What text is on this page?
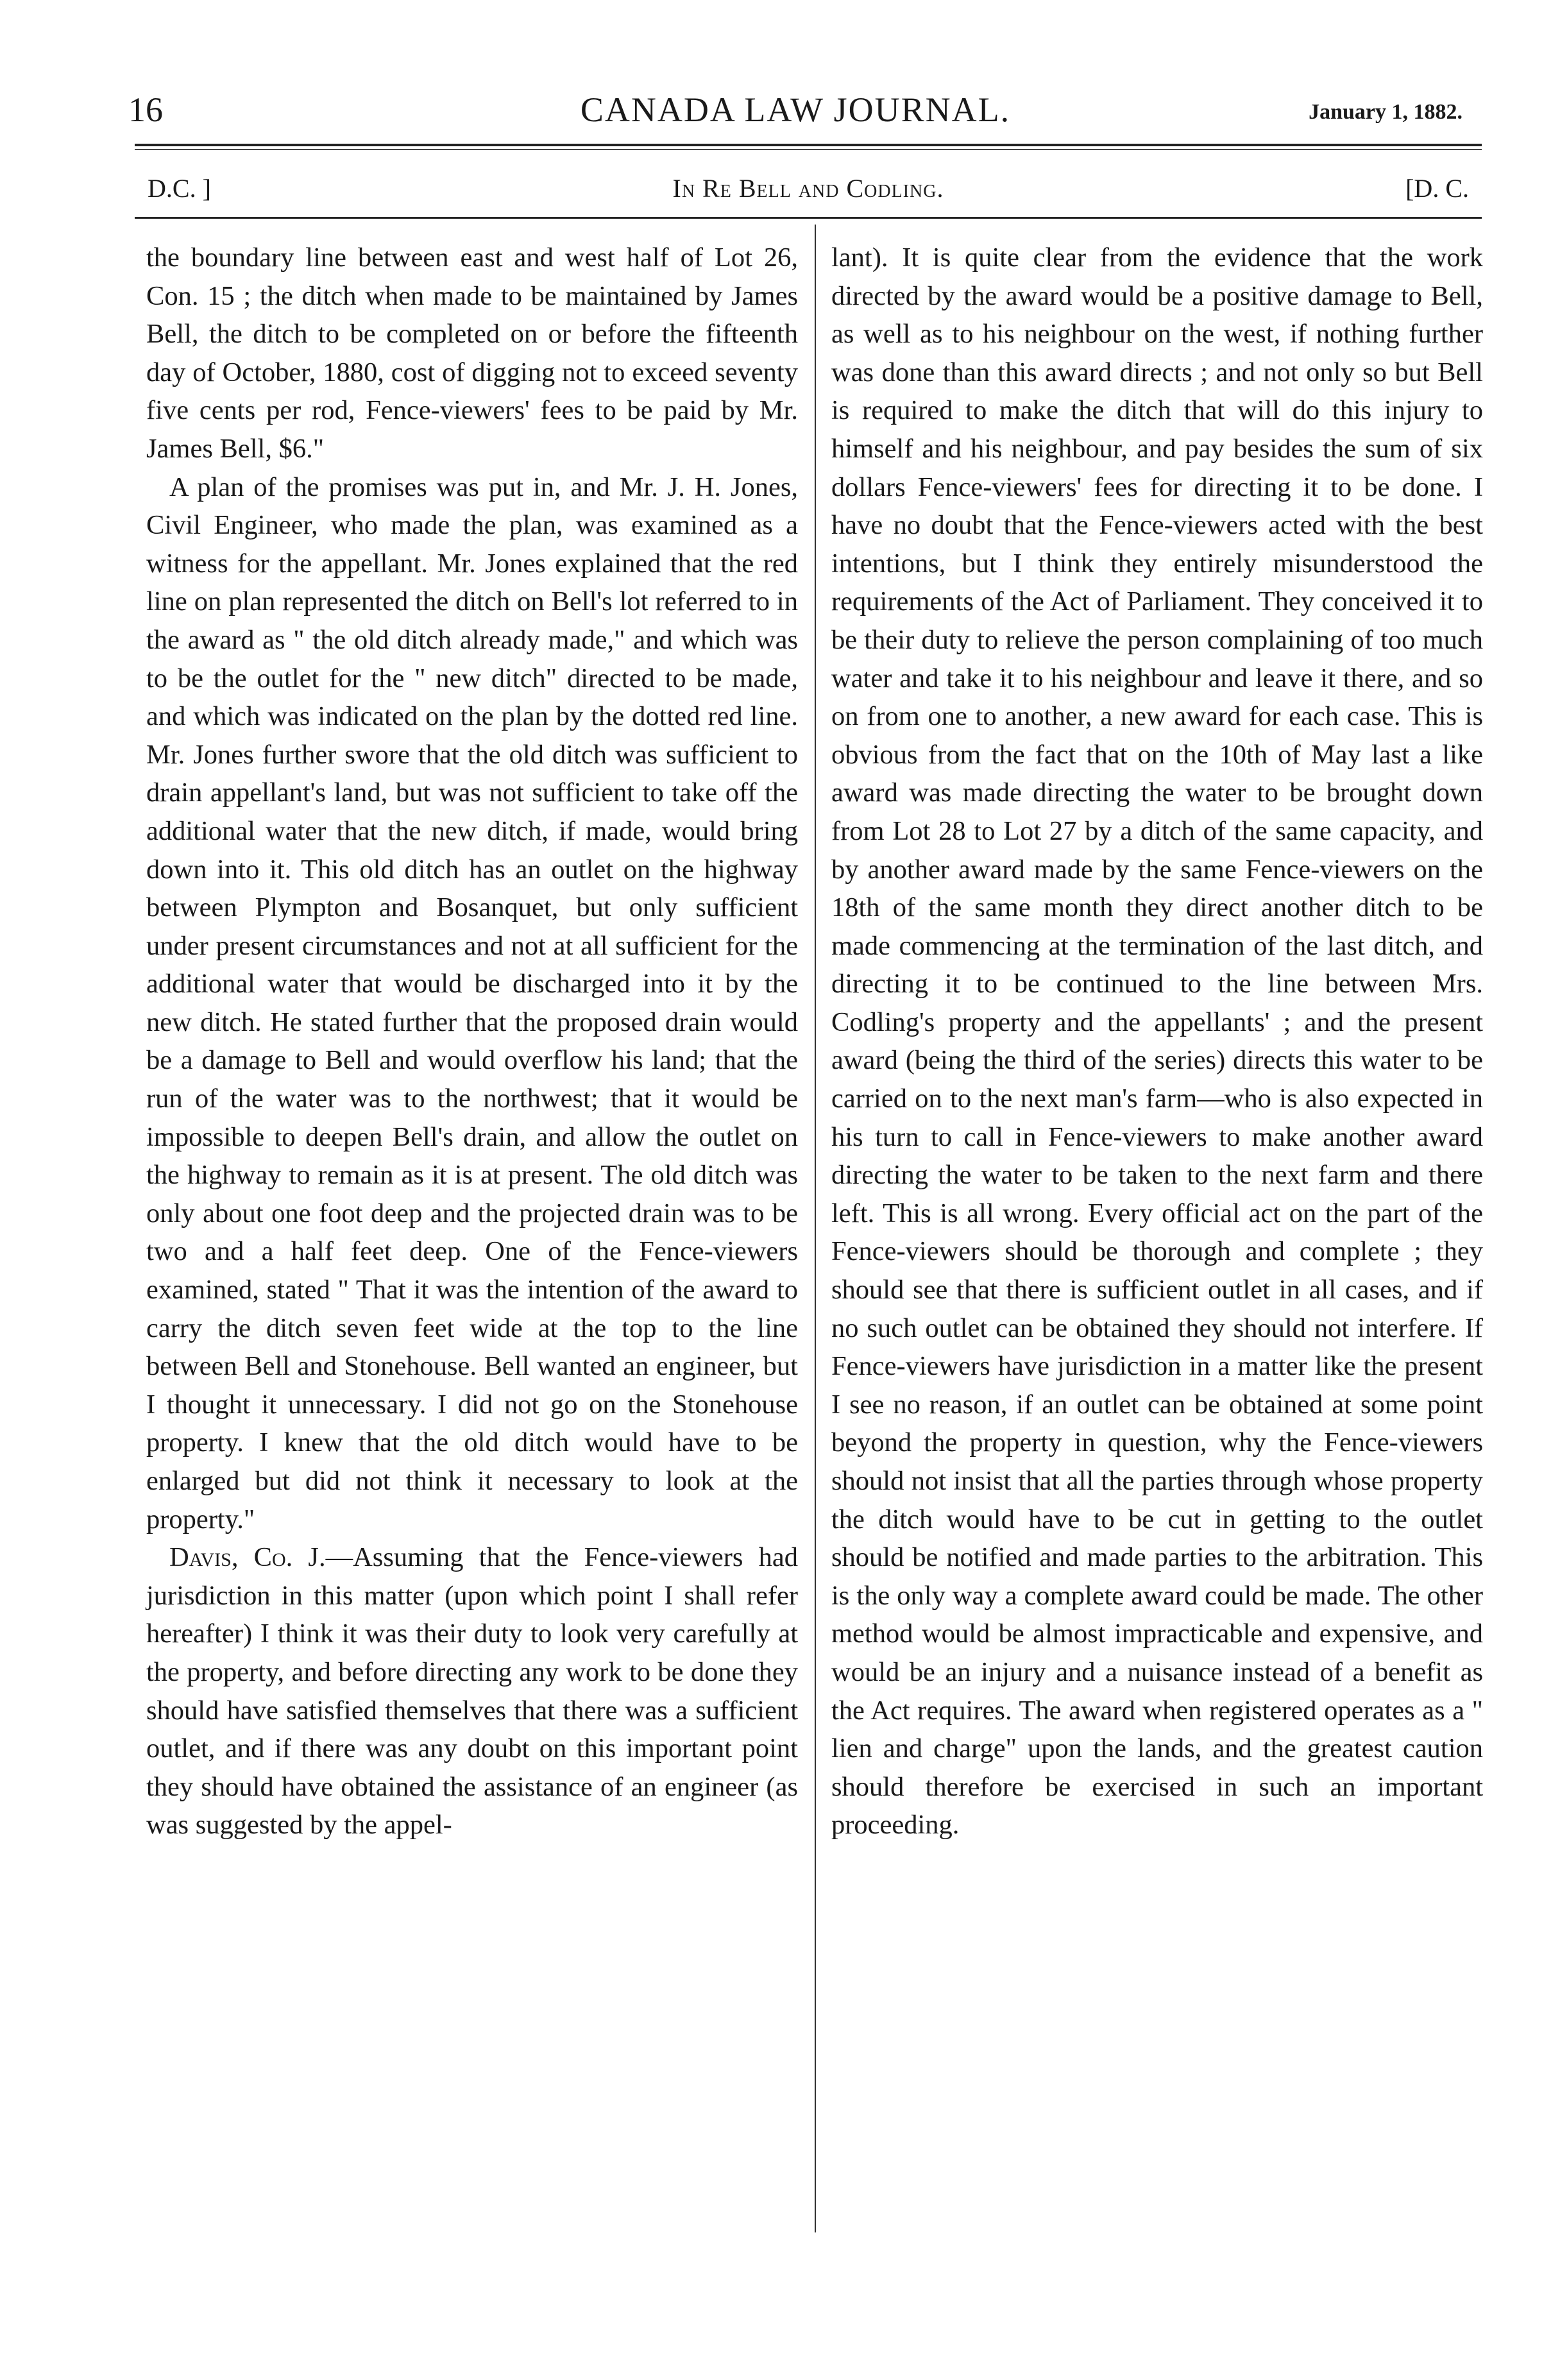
16	CANADA LAW JOURNAL.	January 1, 1882.
D.C. ]	In Re Bell and Codling.	[D. C.

the boundary line between east and west half of Lot 26, Con. 15 ; the ditch when made to be maintained by James Bell, the ditch to be completed on or before the fifteenth day of October, 1880, cost of digging not to exceed seventy five cents per rod, Fence-viewers' fees to be paid by Mr. James Bell, $6."

A plan of the promises was put in, and Mr. J. H. Jones, Civil Engineer, who made the plan, was examined as a witness for the appellant. Mr. Jones explained that the red line on plan represented the ditch on Bell's lot referred to in the award as " the old ditch already made," and which was to be the outlet for the " new ditch" directed to be made, and which was indicated on the plan by the dotted red line. Mr. Jones further swore that the old ditch was sufficient to drain appellant's land, but was not sufficient to take off the additional water that the new ditch, if made, would bring down into it. This old ditch has an outlet on the highway between Plympton and Bosanquet, but only sufficient under present circumstances and not at all sufficient for the additional water that would be discharged into it by the new ditch. He stated further that the proposed drain would be a damage to Bell and would overflow his land; that the run of the water was to the northwest; that it would be impossible to deepen Bell's drain, and allow the outlet on the highway to remain as it is at present. The old ditch was only about one foot deep and the projected drain was to be two and a half feet deep. One of the Fence-viewers examined, stated " That it was the intention of the award to carry the ditch seven feet wide at the top to the line between Bell and Stonehouse. Bell wanted an engineer, but I thought it unnecessary. I did not go on the Stonehouse property. I knew that the old ditch would have to be enlarged but did not think it necessary to look at the property."

Davis, Co. J.—Assuming that the Fence-viewers had jurisdiction in this matter (upon which point I shall refer hereafter) I think it was their duty to look very carefully at the property, and before directing any work to be done they should have satisfied themselves that there was a sufficient outlet, and if there was any doubt on this important point they should have obtained the assistance of an engineer (as was suggested by the appel-

lant). It is quite clear from the evidence that the work directed by the award would be a positive damage to Bell, as well as to his neighbour on the west, if nothing further was done than this award directs ; and not only so but Bell is required to make the ditch that will do this injury to himself and his neighbour, and pay besides the sum of six dollars Fence-viewers' fees for directing it to be done. I have no doubt that the Fence-viewers acted with the best intentions, but I think they entirely misunderstood the requirements of the Act of Parliament. They conceived it to be their duty to relieve the person complaining of too much water and take it to his neighbour and leave it there, and so on from one to another, a new award for each case. This is obvious from the fact that on the 10th of May last a like award was made directing the water to be brought down from Lot 28 to Lot 27 by a ditch of the same capacity, and by another award made by the same Fence-viewers on the 18th of the same month they direct another ditch to be made commencing at the termination of the last ditch, and directing it to be continued to the line between Mrs. Codling's property and the appellants' ; and the present award (being the third of the series) directs this water to be carried on to the next man's farm—who is also expected in his turn to call in Fence-viewers to make another award directing the water to be taken to the next farm and there left. This is all wrong. Every official act on the part of the Fence-viewers should be thorough and complete ; they should see that there is sufficient outlet in all cases, and if no such outlet can be obtained they should not interfere. If Fence-viewers have jurisdiction in a matter like the present I see no reason, if an outlet can be obtained at some point beyond the property in question, why the Fence-viewers should not insist that all the parties through whose property the ditch would have to be cut in getting to the outlet should be notified and made parties to the arbitration. This is the only way a complete award could be made. The other method would be almost impracticable and expensive, and would be an injury and a nuisance instead of a benefit as the Act requires. The award when registered operates as a " lien and charge" upon the lands, and the greatest caution should therefore be exercised in such an important proceeding.
